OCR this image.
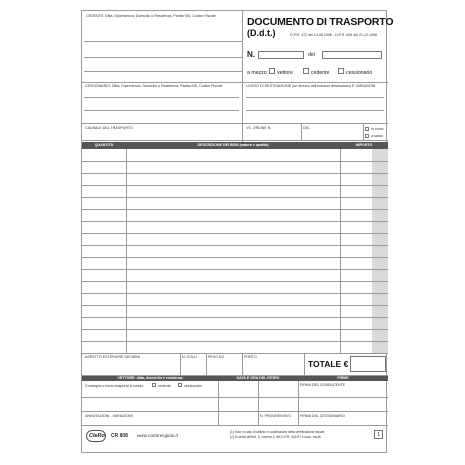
CEDENTE: Ditta, Dipendenza, Domicilio o Residenza, Partita IVA, Codice Fiscale	DOCUMENTO DI TRASPORTO
(D.d.t.)	D.P.R. 472 del 14.08.1996 - D.P.R. 696 del 21.12.1996
N.	del
a mezzo: vettore	cedente	cessionario
CESSIONARIO: Ditta, Dipendenza, Domicilio o Residenza, Partita IVA, Codice Fiscale	LUOGO DI DESTINAZIONE (se diverso dall'indirizzo destinatario) E VARIAZIONI
CAUSALE DEL TRASPORTO	VS. ORDINE N.	DEL	in conto
a saldo
QUANTITÀ	DESCRIZIONE DEI BENI (natura e qualità)	IMPORTO
ASPETTO ESTERIORE DEI BENI	N. COLLI	PESO KG	PORTO
TOTALE €
VETTORE: ditta, domicilio e residenza	DATA E ORA DEL RITIRO	FIRME
Consegna o inizio trasporto a mezzo	cedente	cessionario	FIRMA DEL CONDUCENTE
ANNOTAZIONI - VARIAZIONI	N. PROGRESSIVO FIRMA DEL CESSIONARIO
CleRo CR 808 www.cartoresgioni.it
(1) Solo in caso di utilizzo in sostituzione della certificazione fiscale.
(2) Ai sensi dell'art. 5, comma 2, del D.P.R. 441/97 e succ. modif.	1
